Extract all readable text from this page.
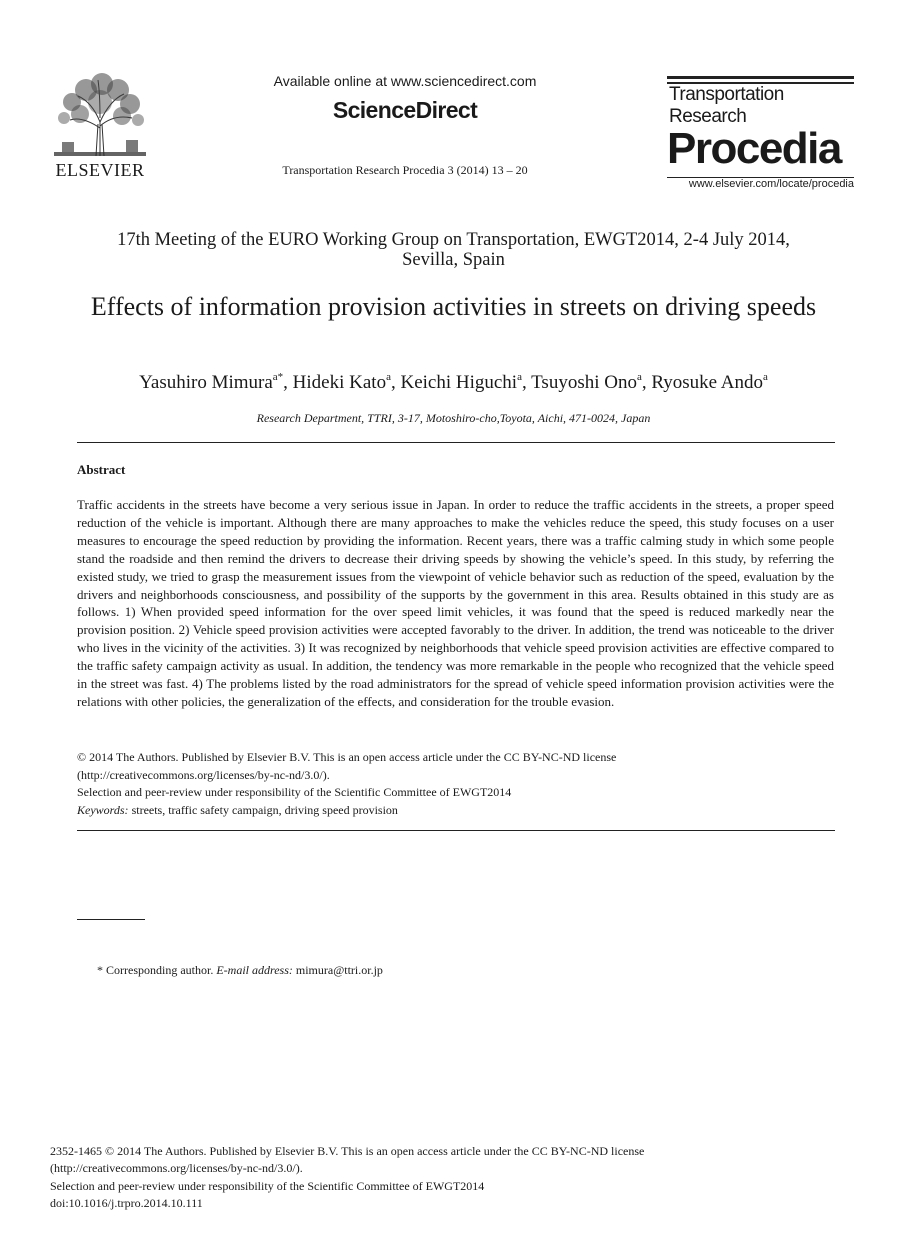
ELSEVIER
Available online at www.sciencedirect.com
ScienceDirect
Transportation Research Procedia 3 (2014) 13 – 20
Transportation
Research
Procedia
www.elsevier.com/locate/procedia
17th Meeting of the EURO Working Group on Transportation, EWGT2014, 2-4 July 2014,
Sevilla, Spain
Effects of information provision activities in streets on driving speeds
Yasuhiro Mimura$^{a*}$, Hideki Kato$^a$, Keichi Higuchi$^a$, Tsuyoshi Ono$^a$, Ryosuke Ando$^a$
Research Department, TTRI, 3-17, Motoshiro-cho,Toyota, Aichi, 471-0024, Japan
Abstract
Traffic accidents in the streets have become a very serious issue in Japan. In order to reduce the traffic accidents in the streets, a proper speed reduction of the vehicle is important. Although there are many approaches to make the vehicles reduce the speed, this study focuses on a user measures to encourage the speed reduction by providing the information. Recent years, there was a traffic calming study in which some people stand the roadside and then remind the drivers to decrease their driving speeds by showing the vehicle’s speed. In this study, by referring the existed study, we tried to grasp the measurement issues from the viewpoint of vehicle behavior such as reduction of the speed, evaluation by the drivers and neighborhoods consciousness, and possibility of the supports by the government in this area. Results obtained in this study are as follows. 1) When provided speed information for the over speed limit vehicles, it was found that the speed is reduced markedly near the provision position. 2) Vehicle speed provision activities were accepted favorably to the driver. In addition, the trend was noticeable to the driver who lives in the vicinity of the activities. 3) It was recognized by neighborhoods that vehicle speed provision activities are effective compared to the traffic safety campaign activity as usual. In addition, the tendency was more remarkable in the people who recognized that the vehicle speed in the street was fast. 4) The problems listed by the road administrators for the spread of vehicle speed information provision activities were the relations with other policies, the generalization of the effects, and consideration for the trouble evasion.
© 2014 The Authors. Published by Elsevier B.V. This is an open access article under the CC BY-NC-ND license
(http://creativecommons.org/licenses/by-nc-nd/3.0/).
Selection and peer-review under responsibility of the Scientific Committee of EWGT2014
Keywords: streets, traffic safety campaign, driving speed provision
* Corresponding author. E-mail address: mimura@ttri.or.jp
2352-1465 © 2014 The Authors. Published by Elsevier B.V. This is an open access article under the CC BY-NC-ND license
(http://creativecommons.org/licenses/by-nc-nd/3.0/).
Selection and peer-review under responsibility of the Scientific Committee of EWGT2014
doi:10.1016/j.trpro.2014.10.111
